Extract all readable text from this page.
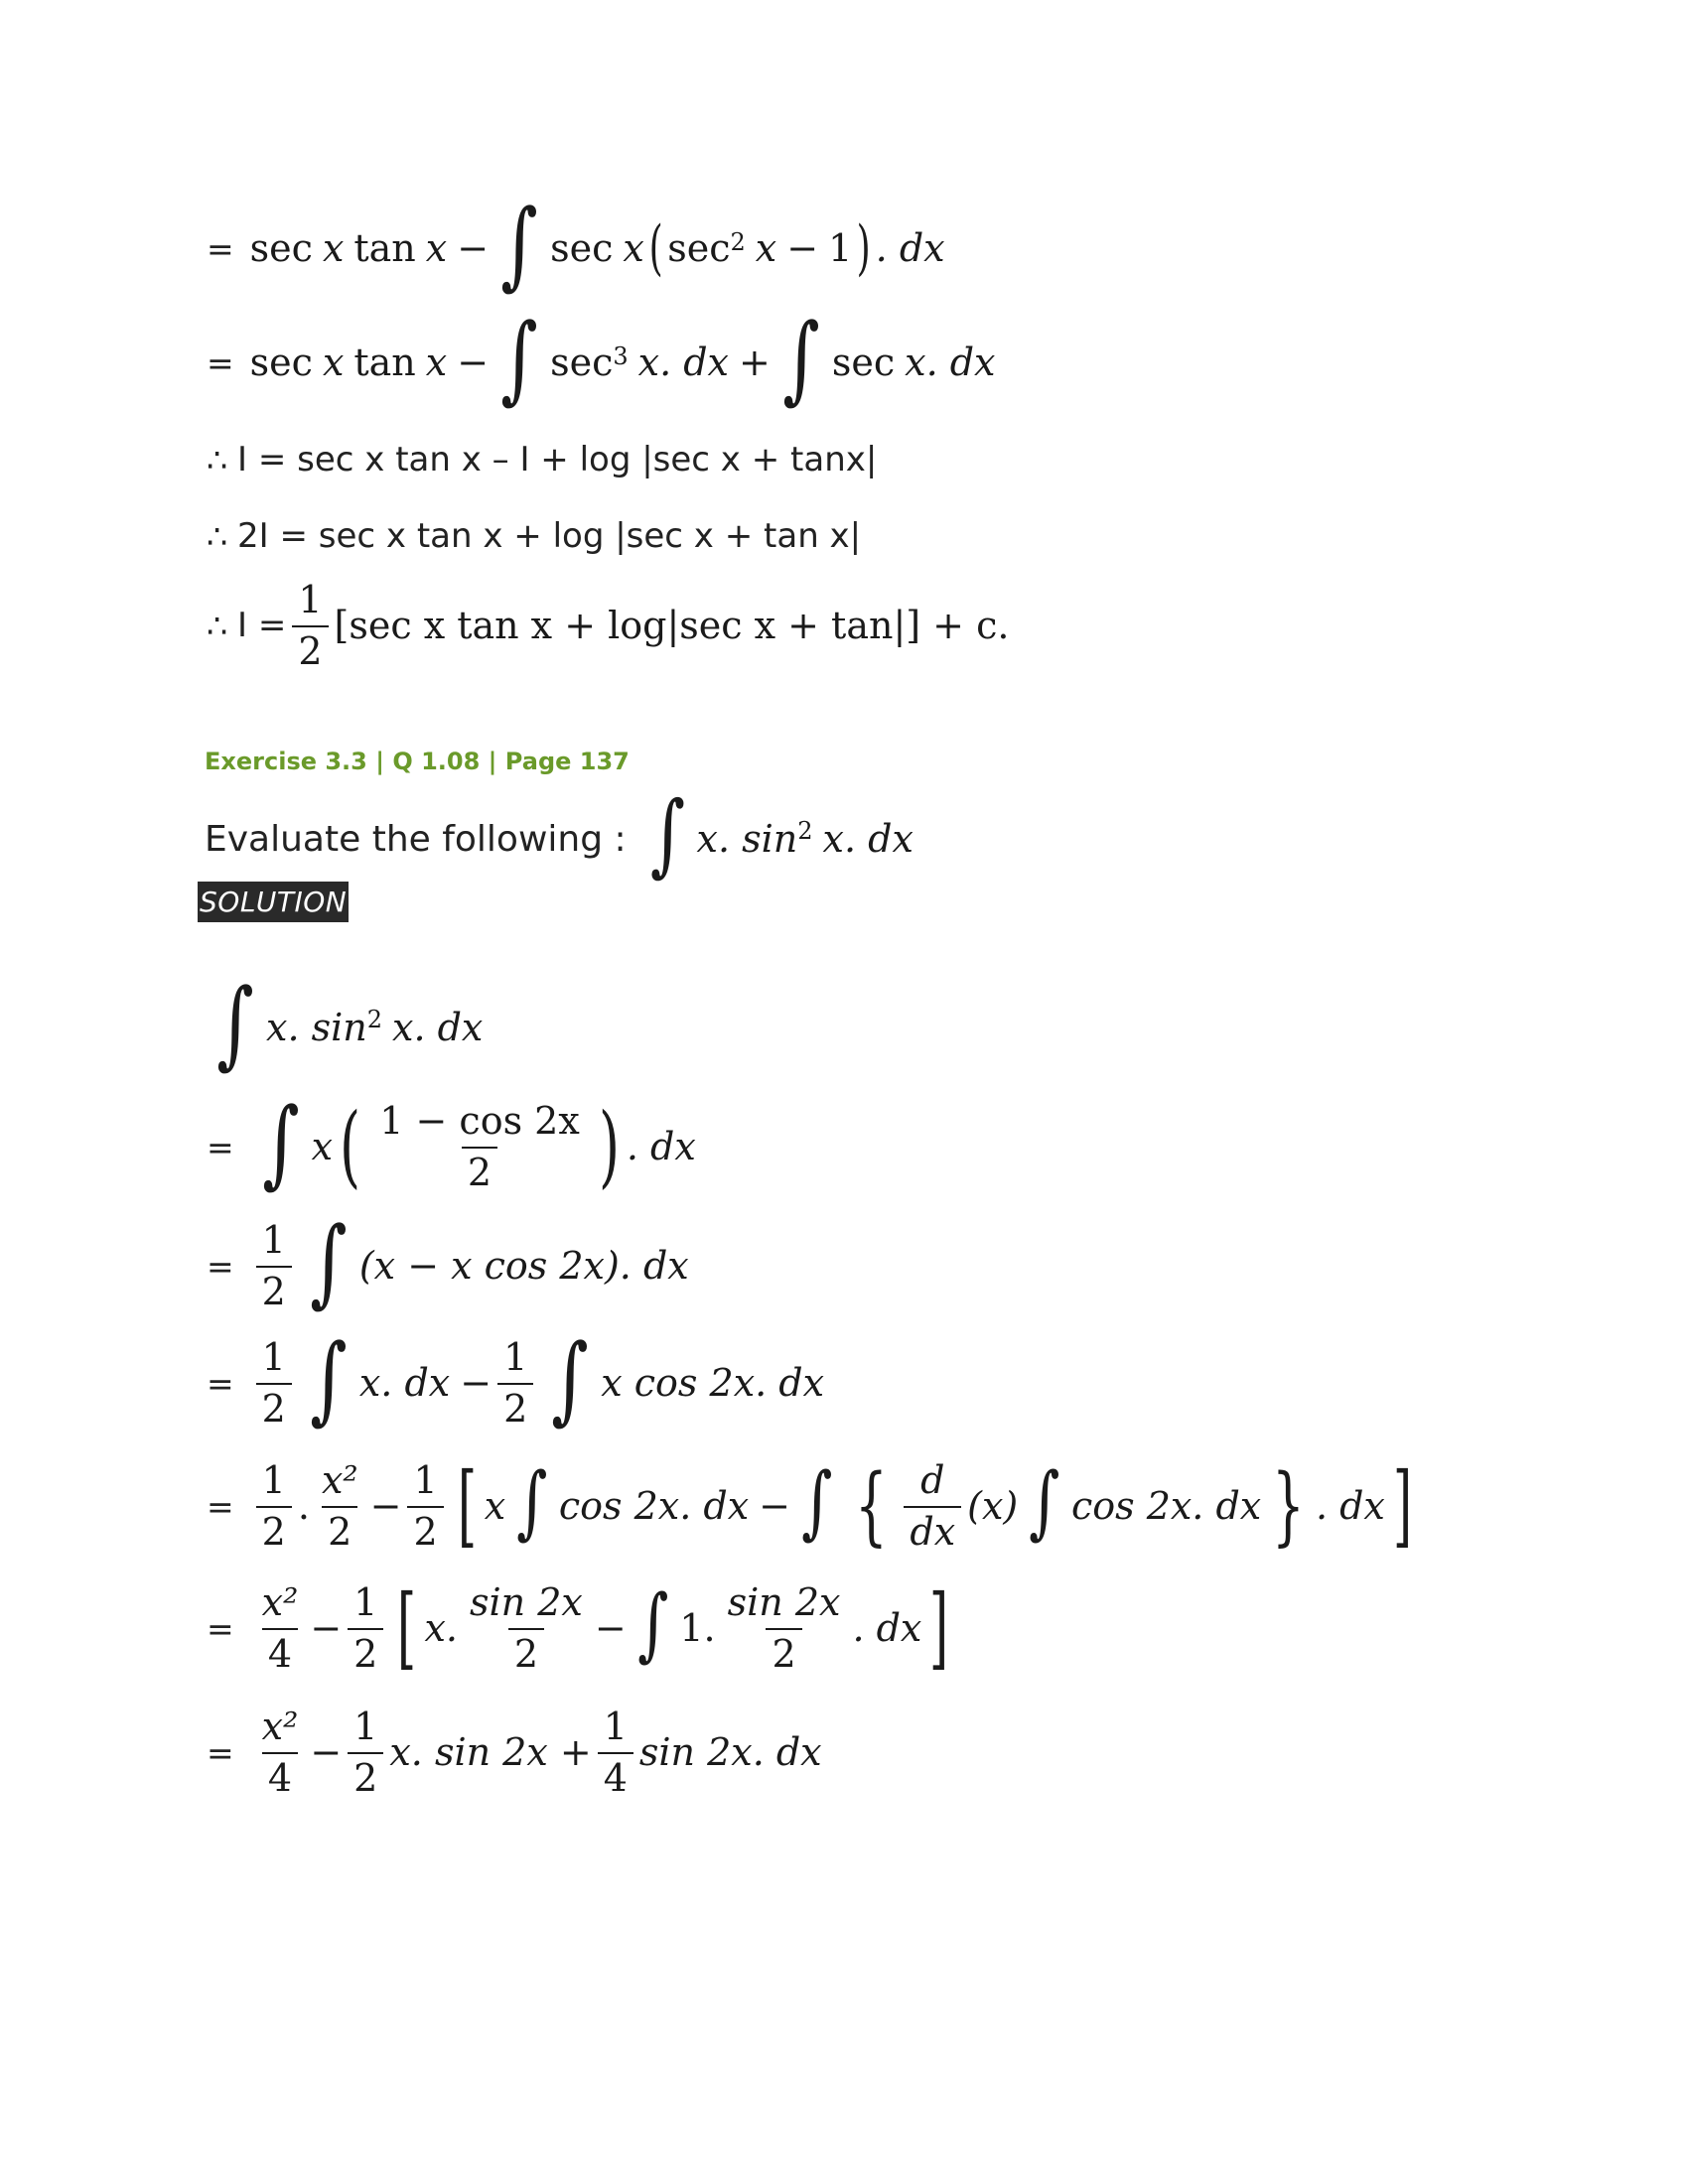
= sec x tan x − ∫ sec x ( $\sec^2 x - 1$ ) . dx
= sec x tan x − ∫ $\sec^3 x$. dx + ∫ sec x. dx
∴ I = sec x tan x – I + log |sec x + tanx|
∴ 2I = sec x tan x + log |sec x + tan x|
∴ $I = \frac{1}{2} [\sec$ x tan x + log|sec x + tan|] + c.
Exercise 3.3 | Q 1.08 | Page 137
Evaluate the following : ∫ x. $\sin^2 x$. dx
SOLUTION
∫ x. $\sin^2 x$. dx
= ∫ x ( $\frac{1 - \cos 2x}{2}$ ) . dx
= $\frac{1}{2}$ ∫ (x − x cos 2x). dx
= $\frac{1}{2}$ ∫ x. dx − $\frac{1}{2}$ ∫ x cos 2x. dx
= $\frac{1}{2}$ . $\frac{\text{x²}}{2} - \frac{1}{2}$ [ x ∫ cos 2x. dx − ∫ { $\frac{d}{dx} (x)$ ∫ cos 2x. dx } . dx ]
= $\frac{\text{x²}}{4} - \frac{1}{2}$ [ x. $\frac{\sin 2x}{2}$ − ∫ 1. $\frac{\sin 2x}{2}$ . dx ]
= $\frac{\text{x²}}{4} - \frac{1}{2} x$. $\sin 2x + \frac{1}{4}$ sin 2x. dx
